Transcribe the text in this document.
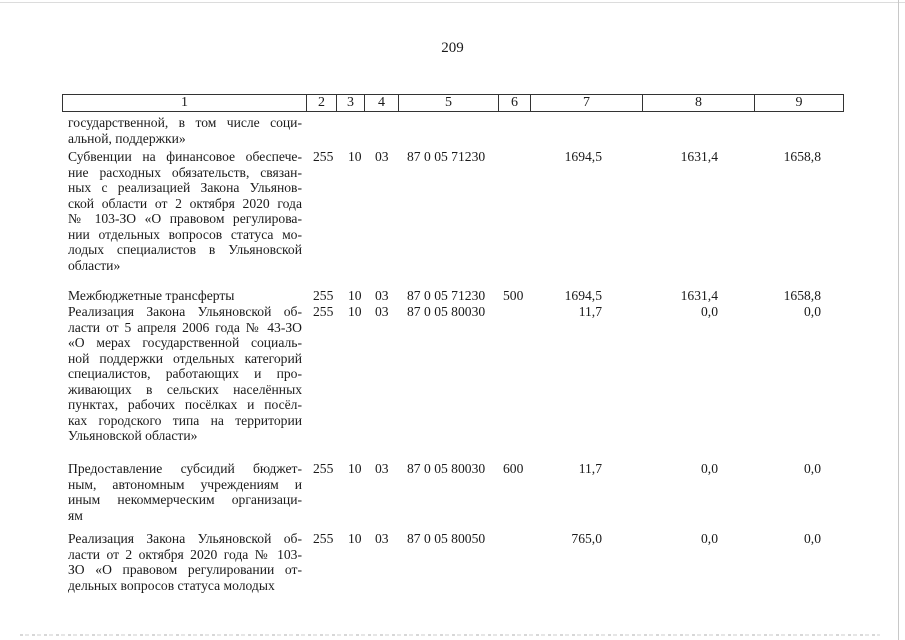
209
1	2	3	4	5	6	7	8	9
государственной, в том числе соци-
альной, поддержки»
Субвенции на финансовое обеспече-
ние расходных обязательств, связан-
ных с реализацией Закона Ульянов-
ской области от 2 октября 2020 года
№ 103-ЗО «О правовом регулирова-
нии отдельных вопросов статуса мо-
лодых специалистов в Ульяновской
области»
255 10 03 87 0 05 71230	1694,5	1631,4	1658,8
Межбюджетные трансферты	255 10 03 87 0 05 71230 500	1694,5	1631,4	1658,8
Реализация Закона Ульяновской об-
ласти от 5 апреля 2006 года № 43-ЗО
«О мерах государственной социаль-
ной поддержки отдельных категорий
специалистов, работающих и про-
живающих в сельских населённых
пунктах, рабочих посёлках и посёл-
ках городского типа на территории
Ульяновской области»
255 10 03 87 0 05 80030	11,7	0,0	0,0
Предоставление субсидий бюджет-
ным, автономным учреждениям и
иным некоммерческим организаци-
ям
255 10 03 87 0 05 80030 600	11,7	0,0	0,0
Реализация Закона Ульяновской об-
ласти от 2 октября 2020 года № 103-
ЗО «О правовом регулировании от-
дельных вопросов статуса молодых
255 10 03 87 0 05 80050	765,0	0,0	0,0
